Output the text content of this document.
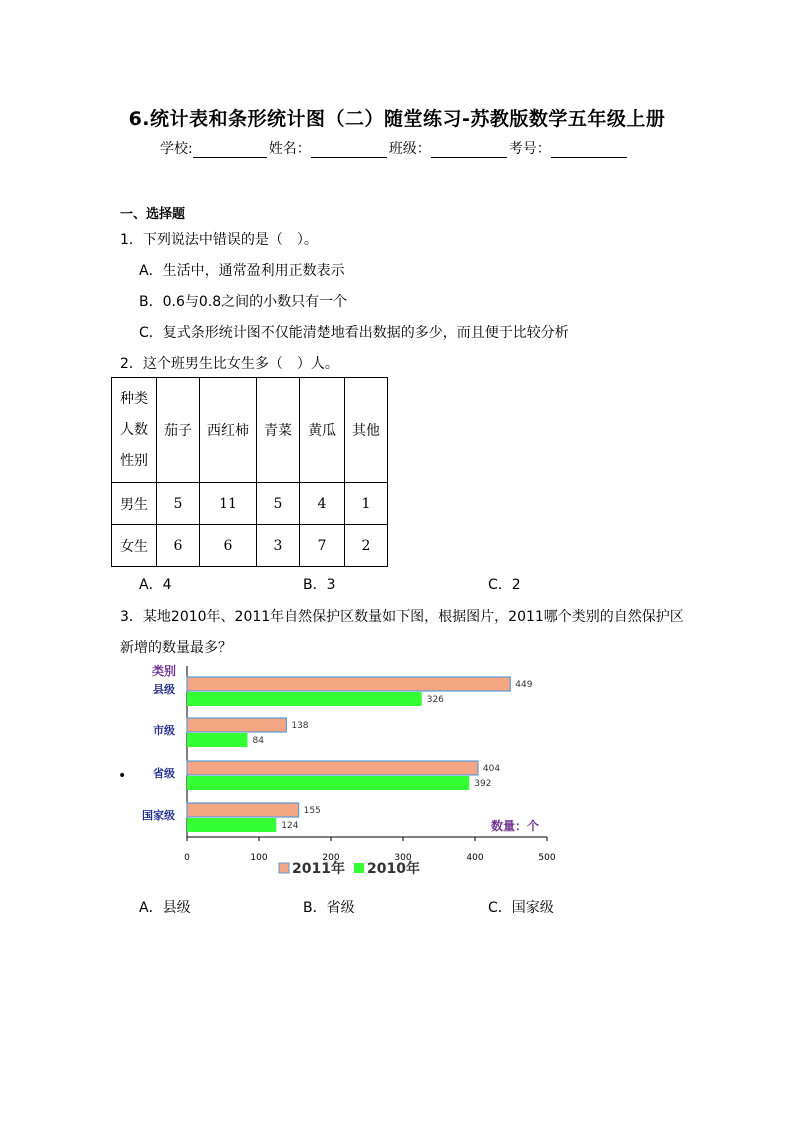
6.统计表和条形统计图（二）随堂练习-苏教版数学五年级上册
学校:	姓名：	班级：	考号：
一、选择题
1．下列说法中错误的是（　）。
A．生活中，通常盈利用正数表示
B．0.6与0.8之间的小数只有一个
C．复式条形统计图不仅能清楚地看出数据的多少，而且便于比较分析
2．这个班男生比女生多（　）人。
种类
人数
性别	茄子	西红柿	青菜	黄瓜	其他
男生	5	11	5	4	1
女生	6	6	3	7	2
A．4	B．3	C．2
3．某地2010年、2011年自然保护区数量如下图，根据图片，2011哪个类别的自然保护区
新增的数量最多？
•
类别
数量：个
0	100	200	300	400	500
县级	449
326
市级	138
84
省级	404
392
国家级	155
124
2011年 2010年
A．县级	B．省级	C．国家级
